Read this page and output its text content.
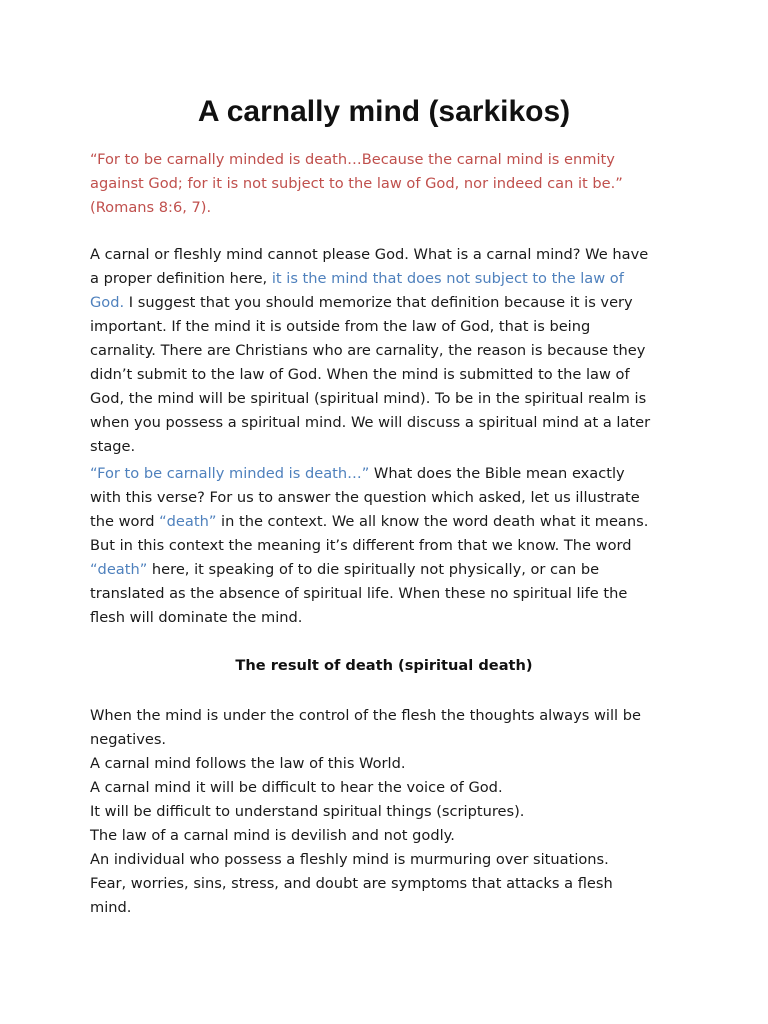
A carnally mind (sarkikos)
“For to be carnally minded is death…Because the carnal mind is enmity
against God; for it is not subject to the law of God, nor indeed can it be.”
(Romans 8:6, 7).
A carnal or fleshly mind cannot please God. What is a carnal mind? We have
a proper definition here, it is the mind that does not subject to the law of
God. I suggest that you should memorize that definition because it is very
important. If the mind it is outside from the law of God, that is being
carnality. There are Christians who are carnality, the reason is because they
didn’t submit to the law of God. When the mind is submitted to the law of
God, the mind will be spiritual (spiritual mind). To be in the spiritual realm is
when you possess a spiritual mind. We will discuss a spiritual mind at a later
stage.
“For to be carnally minded is death…” What does the Bible mean exactly
with this verse? For us to answer the question which asked, let us illustrate
the word “death” in the context. We all know the word death what it means.
But in this context the meaning it’s different from that we know. The word
“death” here, it speaking of to die spiritually not physically, or can be
translated as the absence of spiritual life. When these no spiritual life the
flesh will dominate the mind.
The result of death (spiritual death)
When the mind is under the control of the flesh the thoughts always will be
negatives.
A carnal mind follows the law of this World.
A carnal mind it will be difficult to hear the voice of God.
It will be difficult to understand spiritual things (scriptures).
The law of a carnal mind is devilish and not godly.
An individual who possess a fleshly mind is murmuring over situations.
Fear, worries, sins, stress, and doubt are symptoms that attacks a flesh
mind.
